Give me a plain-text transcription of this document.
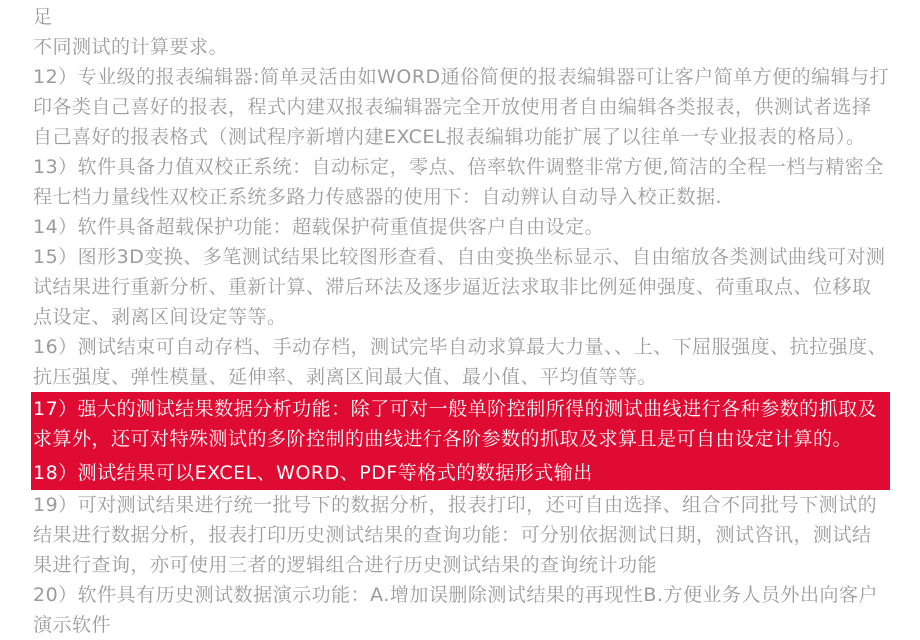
足

不同测试的计算要求。

12）专业级的报表编辑器:简单灵活由如WORD通俗简便的报表编辑器可让客户简单方便的编辑与打印各类自己喜好的报表，程式内建双报表编辑器完全开放使用者自由编辑各类报表，供测试者选择自己喜好的报表格式（测试程序新增内建EXCEL报表编辑功能扩展了以往单一专业报表的格局）。

13）软件具备力值双校正系统：自动标定，零点、倍率软件调整非常方便,简洁的全程一档与精密全程七档力量线性双校正系统多路力传感器的使用下：自动辨认自动导入校正数据.

14）软件具备超载保护功能：超载保护荷重值提供客户自由设定。

15）图形3D变换、多笔测试结果比较图形查看、自由变换坐标显示、自由缩放各类测试曲线可对测试结果进行重新分析、重新计算、滞后环法及逐步逼近法求取非比例延伸强度、荷重取点、位移取点设定、剥离区间设定等等。

16）测试结束可自动存档、手动存档，测试完毕自动求算最大力量、、上、下屈服强度、抗拉强度、抗压强度、弹性模量、延伸率、剥离区间最大值、最小值、平均值等等。

17）强大的测试结果数据分析功能：除了可对一般单阶控制所得的测试曲线进行各种参数的抓取及求算外，还可对特殊测试的多阶控制的曲线进行各阶参数的抓取及求算且是可自由设定计算的。

18）测试结果可以EXCEL、WORD、PDF等格式的数据形式输出

19）可对测试结果进行统一批号下的数据分析，报表打印，还可自由选择、组合不同批号下测试的结果进行数据分析，报表打印历史测试结果的查询功能：可分别依据测试日期，测试咨讯，测试结果进行查询，亦可使用三者的逻辑组合进行历史测试结果的查询统计功能

20）软件具有历史测试数据演示功能：A.增加误删除测试结果的再现性B.方便业务人员外出向客户演示软件
